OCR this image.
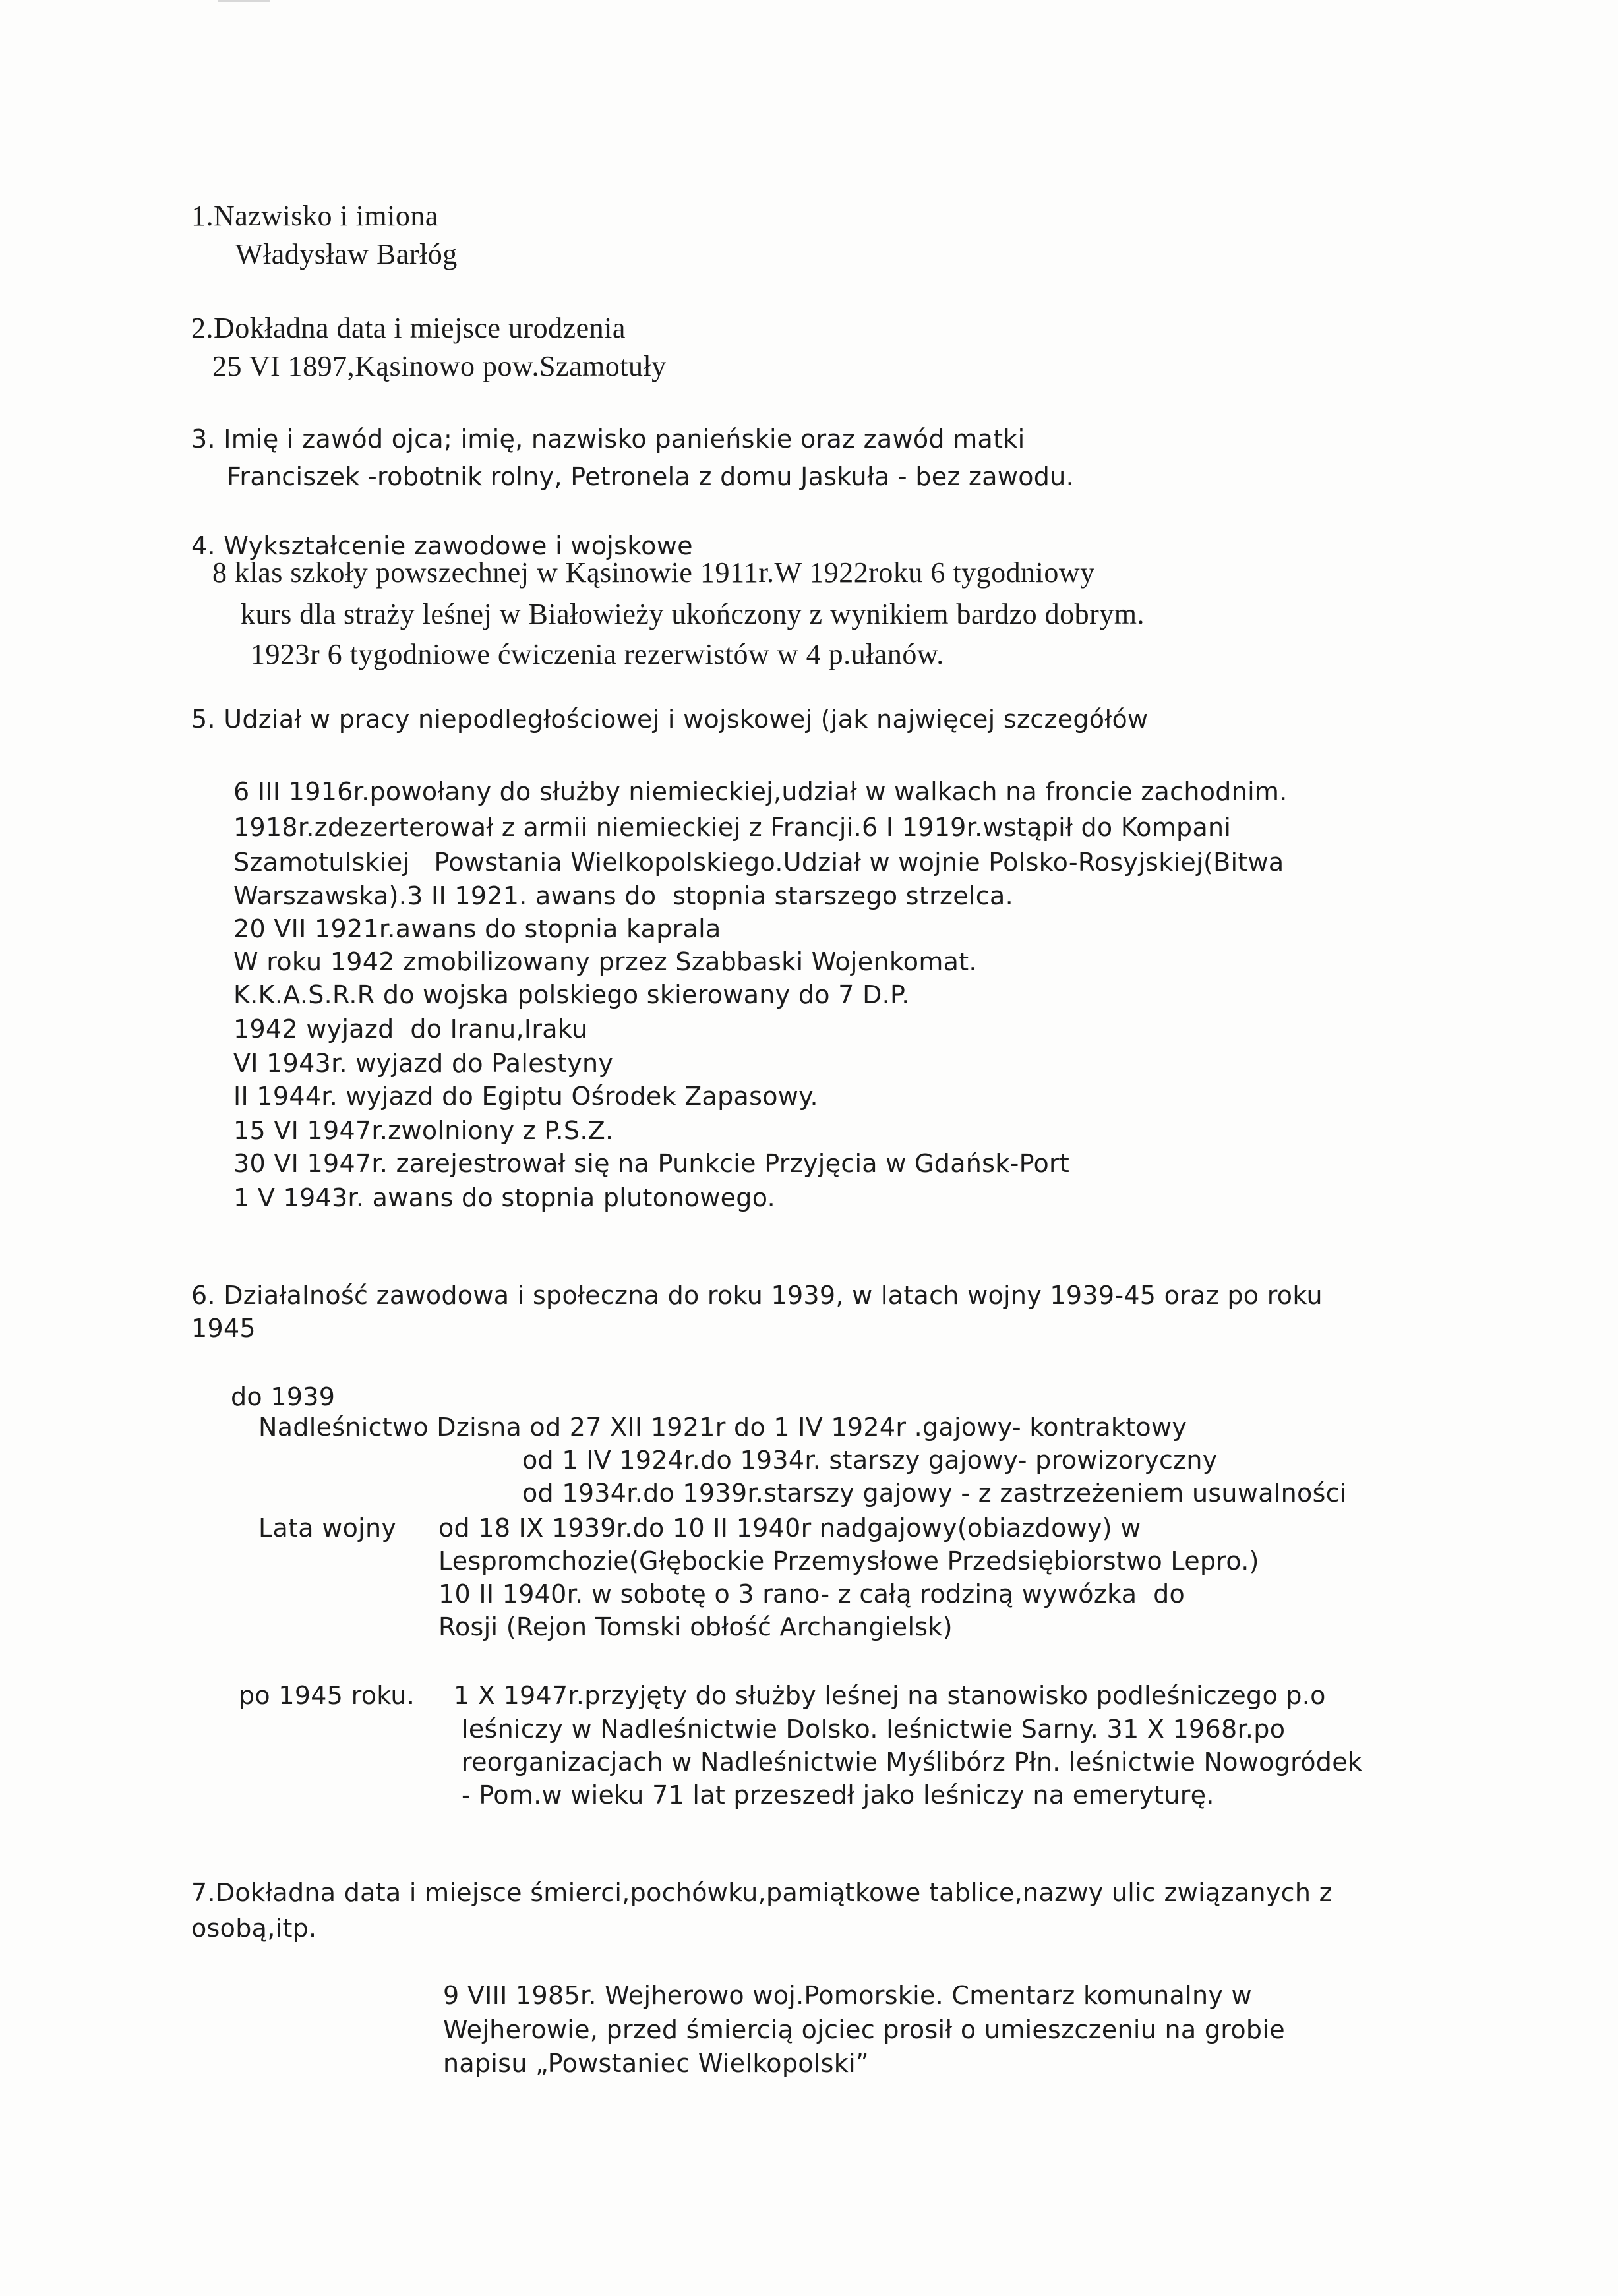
1.Nazwisko i imiona
Władysław Barłóg
2.Dokładna data i miejsce urodzenia
25 VI 1897,Kąsinowo pow.Szamotuły
3. Imię i zawód ojca; imię, nazwisko panieńskie oraz zawód matki
Franciszek -robotnik rolny, Petronela z domu Jaskuła - bez zawodu.
4. Wykształcenie zawodowe i wojskowe
8 klas szkoły powszechnej w Kąsinowie 1911r.W 1922roku 6 tygodniowy
kurs dla straży leśnej w Białowieży ukończony z wynikiem bardzo dobrym.
1923r 6 tygodniowe ćwiczenia rezerwistów w 4 p.ułanów.
5. Udział w pracy niepodległościowej i wojskowej (jak najwięcej szczegółów
6 III 1916r.powołany do służby niemieckiej,udział w walkach na froncie zachodnim.
1918r.zdezerterował z armii niemieckiej z Francji.6 I 1919r.wstąpił do Kompani
Szamotulskiej   Powstania Wielkopolskiego.Udział w wojnie Polsko-Rosyjskiej(Bitwa
Warszawska).3 II 1921. awans do  stopnia starszego strzelca.
20 VII 1921r.awans do stopnia kaprala
W roku 1942 zmobilizowany przez Szabbaski Wojenkomat.
K.K.A.S.R.R do wojska polskiego skierowany do 7 D.P.
1942 wyjazd  do Iranu,Iraku
VI 1943r. wyjazd do Palestyny
II 1944r. wyjazd do Egiptu Ośrodek Zapasowy.
15 VI 1947r.zwolniony z P.S.Z.
30 VI 1947r. zarejestrował się na Punkcie Przyjęcia w Gdańsk-Port
1 V 1943r. awans do stopnia plutonowego.
6. Działalność zawodowa i społeczna do roku 1939, w latach wojny 1939-45 oraz po roku
1945
do 1939
Nadleśnictwo Dzisna od 27 XII 1921r do 1 IV 1924r .gajowy- kontraktowy
od 1 IV 1924r.do 1934r. starszy gajowy- prowizoryczny
od 1934r.do 1939r.starszy gajowy - z zastrzeżeniem usuwalności
Lata wojny od 18 IX 1939r.do 10 II 1940r nadgajowy(obiazdowy) w
Lespromchozie(Głębockie Przemysłowe Przedsiębiorstwo Lepro.)
10 II 1940r. w sobotę o 3 rano- z całą rodziną wywózka  do
Rosji (Rejon Tomski obłość Archangielsk)
po 1945 roku. 1 X 1947r.przyjęty do służby leśnej na stanowisko podleśniczego p.o
leśniczy w Nadleśnictwie Dolsko. leśnictwie Sarny. 31 X 1968r.po
reorganizacjach w Nadleśnictwie Myślibórz Płn. leśnictwie Nowogródek
- Pom.w wieku 71 lat przeszedł jako leśniczy na emeryturę.
7.Dokładna data i miejsce śmierci,pochówku,pamiątkowe tablice,nazwy ulic związanych z
osobą,itp.
9 VIII 1985r. Wejherowo woj.Pomorskie. Cmentarz komunalny w
Wejherowie, przed śmiercią ojciec prosił o umieszczeniu na grobie
napisu „Powstaniec Wielkopolski”
